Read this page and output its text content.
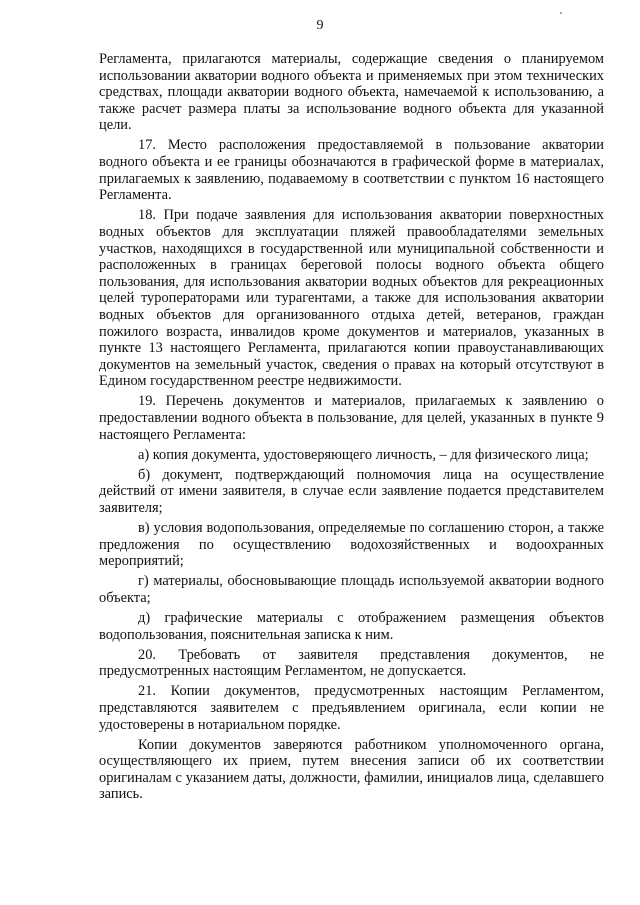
9

Регламента, прилагаются материалы, содержащие сведения о планируемом использовании акватории водного объекта и применяемых при этом технических средствах, площади акватории водного объекта, намечаемой к использованию, а также расчет размера платы за использование водного объекта для указанной цели.

17. Место расположения предоставляемой в пользование акватории водного объекта и ее границы обозначаются в графической форме в материалах, прилагаемых к заявлению, подаваемому в соответствии с пунктом 16 настоящего Регламента.

18. При подаче заявления для использования акватории поверхностных водных объектов для эксплуатации пляжей правообладателями земельных участков, находящихся в государственной или муниципальной собственности и расположенных в границах береговой полосы водного объекта общего пользования, для использования акватории водных объектов для рекреационных целей туроператорами или турагентами, а также для использования акватории водных объектов для организованного отдыха детей, ветеранов, граждан пожилого возраста, инвалидов кроме документов и материалов, указанных в пункте 13 настоящего Регламента, прилагаются копии правоустанавливающих документов на земельный участок, сведения о правах на который отсутствуют в Едином государственном реестре недвижимости.

19. Перечень документов и материалов, прилагаемых к заявлению о предоставлении водного объекта в пользование, для целей, указанных в пункте 9 настоящего Регламента:

а) копия документа, удостоверяющего личность, – для физического лица;

б) документ, подтверждающий полномочия лица на осуществление действий от имени заявителя, в случае если заявление подается представителем заявителя;

в) условия водопользования, определяемые по соглашению сторон, а также предложения по осуществлению водохозяйственных и водоохранных мероприятий;

г) материалы, обосновывающие площадь используемой акватории водного объекта;

д) графические материалы с отображением размещения объектов водопользования, пояснительная записка к ним.

20. Требовать от заявителя представления документов, не предусмотренных настоящим Регламентом, не допускается.

21. Копии документов, предусмотренных настоящим Регламентом, представляются заявителем с предъявлением оригинала, если копии не удостоверены в нотариальном порядке.

Копии документов заверяются работником уполномоченного органа, осуществляющего их прием, путем внесения записи об их соответствии оригиналам с указанием даты, должности, фамилии, инициалов лица, сделавшего запись.
